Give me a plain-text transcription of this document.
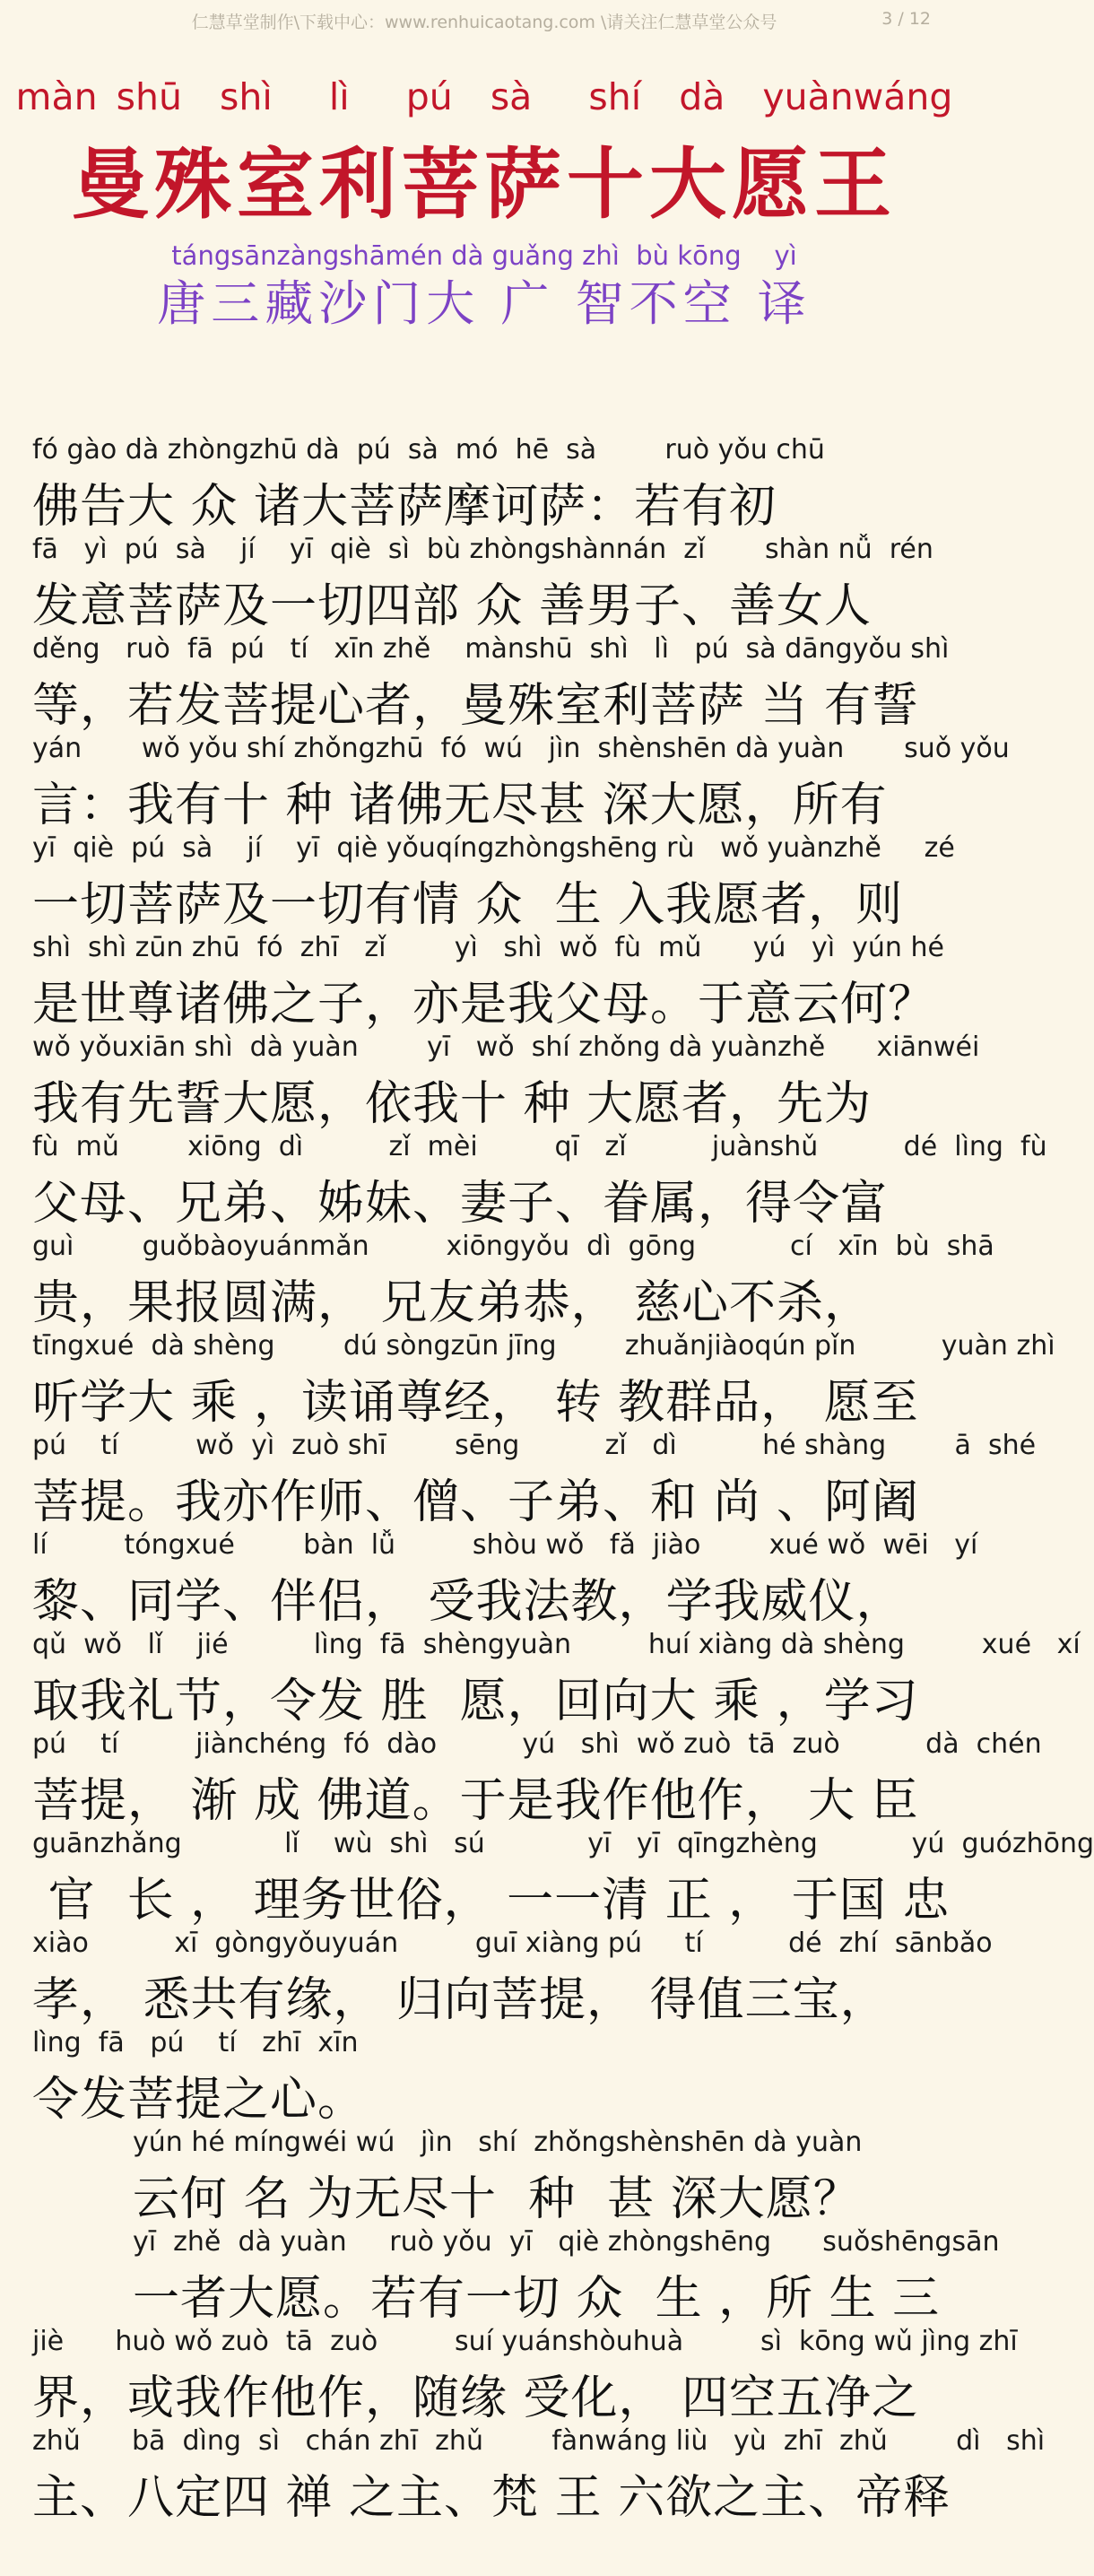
仁慧草堂制作\下载中心：www.renhuicaotang.com \请关注仁慧草堂公众号	3 / 12
màn shū  shì   lì   pú  sà   shí  dà  yuànwáng
曼殊室利菩萨十大愿王
tángsānzàngshāmén dà guǎng zhì  bù kōng    yì
唐三藏沙门大 广 智不空 译
fó gào dà zhòngzhū dà  pú  sà  mó  hē  sà        ruò yǒu chū
佛告大 众 诸大菩萨摩诃萨：若有初
fā   yì  pú  sà    jí    yī  qiè  sì  bù zhòngshànnán  zǐ       shàn nǚ  rén
发意菩萨及一切四部 众 善男子、善女人
děng   ruò  fā  pú   tí   xīn zhě    mànshū  shì   lì   pú  sà dāngyǒu shì
等，若发菩提心者，曼殊室利菩萨 当 有誓
yán       wǒ yǒu shí zhǒngzhū  fó  wú   jìn  shènshēn dà yuàn       suǒ yǒu
言：我有十 种 诸佛无尽甚 深大愿，所有
yī  qiè  pú  sà    jí    yī  qiè yǒuqíngzhòngshēng rù   wǒ yuànzhě     zé
一切菩萨及一切有情 众  生 入我愿者，则
shì  shì zūn zhū  fó  zhī   zǐ        yì   shì  wǒ  fù  mǔ      yú   yì  yún hé
是世尊诸佛之子，亦是我父母。于意云何？
wǒ yǒuxiān shì  dà yuàn        yī   wǒ  shí zhǒng dà yuànzhě      xiānwéi
我有先誓大愿，依我十 种 大愿者，先为
fù  mǔ        xiōng  dì          zǐ  mèi         qī   zǐ          juànshǔ          dé  lìng  fù
父母、兄弟、姊妹、妻子、眷属，得令富
guì        guǒbàoyuánmǎn         xiōngyǒu  dì  gōng           cí   xīn  bù  shā
贵，果报圆满， 兄友弟恭， 慈心不杀，
tīngxué  dà shèng        dú sòngzūn jīng        zhuǎnjiàoqún pǐn          yuàn zhì
听学大 乘 ，读诵尊经， 转 教群品， 愿至
pú    tí         wǒ  yì  zuò shī        sēng          zǐ   dì          hé shàng        ā  shé
菩提。我亦作师、僧、子弟、和 尚 、阿阇
lí         tóngxué        bàn  lǚ         shòu wǒ   fǎ  jiào        xué wǒ  wēi   yí
黎、同学、伴侣， 受我法教，学我威仪，
qǔ  wǒ   lǐ    jié          lìng  fā  shèngyuàn         huí xiàng dà shèng         xué   xí
取我礼节，令发 胜  愿，回向大 乘 ，学习
pú    tí         jiànchéng  fó  dào          yú   shì  wǒ zuò  tā  zuò          dà  chén
菩提， 渐 成 佛道。于是我作他作， 大 臣
guānzhǎng            lǐ    wù  shì   sú            yī   yī  qīngzhèng           yú  guózhōng
官  长 ， 理务世俗， 一一清 正 ， 于国 忠
xiào          xī  gòngyǒuyuán         guī xiàng pú     tí          dé  zhí  sānbǎo
孝， 悉共有缘， 归向菩提， 得值三宝，
lìng  fā   pú    tí   zhī  xīn
令发菩提之心。
yún hé míngwéi wú   jìn   shí  zhǒngshènshēn dà yuàn
云何 名 为无尽十  种  甚 深大愿？
yī  zhě  dà yuàn     ruò yǒu  yī   qiè zhòngshēng      suǒshēngsān
一者大愿。若有一切 众  生 ，所 生 三
jiè      huò wǒ zuò  tā  zuò         suí yuánshòuhuà         sì  kōng wǔ jìng zhī
界，或我作他作，随缘 受化， 四空五净之
zhǔ      bā  dìng  sì   chán zhī  zhǔ        fànwáng liù   yù  zhī  zhǔ        dì   shì
主、八定四 禅 之主、梵 王 六欲之主、帝释
